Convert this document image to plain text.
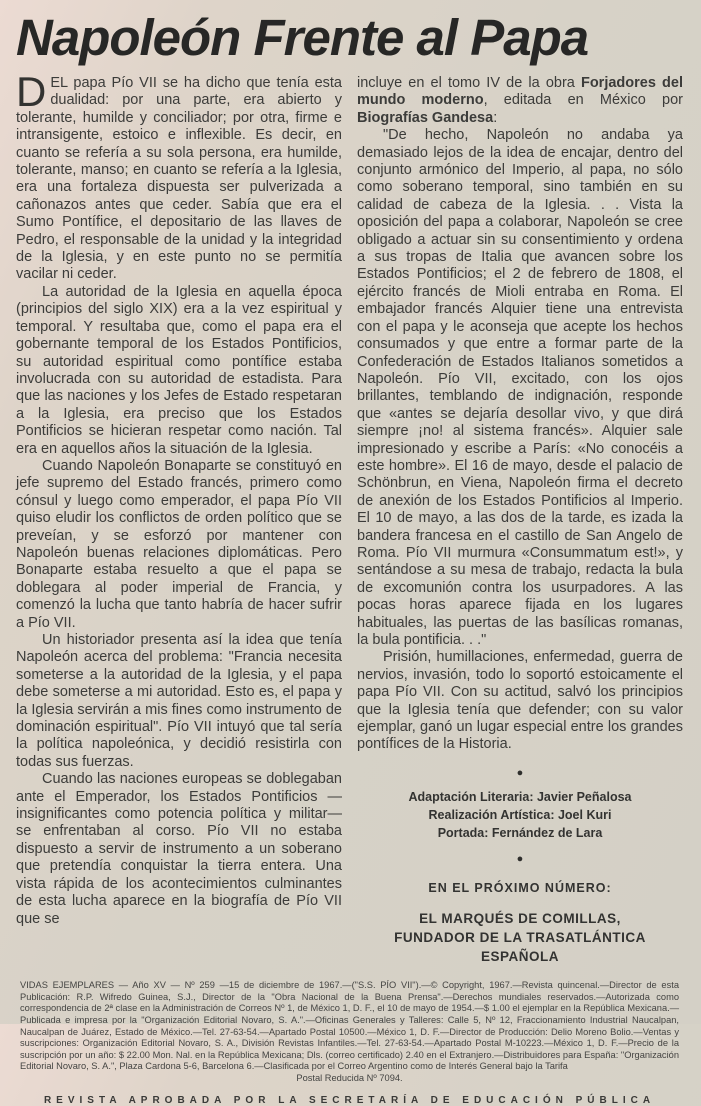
Napoleón Frente al Papa

DEL papa Pío VII se ha dicho que tenía esta dualidad: por una parte, era abierto y tolerante, humilde y conciliador; por otra, firme e intransigente, estoico e inflexible. Es decir, en cuanto se refería a su sola persona, era humilde, tolerante, manso; en cuanto se refería a la Iglesia, era una fortaleza dispuesta ser pulverizada a cañonazos antes que ceder. Sabía que era el Sumo Pontífice, el depositario de las llaves de Pedro, el responsable de la unidad y la integridad de la Iglesia, y en este punto no se permitía vacilar ni ceder.

La autoridad de la Iglesia en aquella época (principios del siglo XIX) era a la vez espiritual y temporal. Y resultaba que, como el papa era el gobernante temporal de los Estados Pontificios, su autoridad espiritual como pontífice estaba involucrada con su autoridad de estadista. Para que las naciones y los Jefes de Estado respetaran a la Iglesia, era preciso que los Estados Pontificios se hicieran respetar como nación. Tal era en aquellos años la situación de la Iglesia.

Cuando Napoleón Bonaparte se constituyó en jefe supremo del Estado francés, primero como cónsul y luego como emperador, el papa Pío VII quiso eludir los conflictos de orden político que se preveían, y se esforzó por mantener con Napoleón buenas relaciones diplomáticas. Pero Bonaparte estaba resuelto a que el papa se doblegara al poder imperial de Francia, y comenzó la lucha que tanto habría de hacer sufrir a Pío VII.

Un historiador presenta así la idea que tenía Napoleón acerca del problema: "Francia necesita someterse a la autoridad de la Iglesia, y el papa debe someterse a mi autoridad. Esto es, el papa y la Iglesia servirán a mis fines como instrumento de dominación espiritual". Pío VII intuyó que tal sería la política napoleónica, y decidió resistirla con todas sus fuerzas.

Cuando las naciones europeas se doblegaban ante el Emperador, los Estados Pontificios —insignificantes como potencia política y militar— se enfrentaban al corso. Pío VII no estaba dispuesto a servir de instrumento a un soberano que pretendía conquistar la tierra entera. Una vista rápida de los acontecimientos culminantes de esta lucha aparece en la biografía de Pío VII que se

incluye en el tomo IV de la obra Forjadores del mundo moderno, editada en México por Biografías Gandesa:

"De hecho, Napoleón no andaba ya demasiado lejos de la idea de encajar, dentro del conjunto armónico del Imperio, al papa, no sólo como soberano temporal, sino también en su calidad de cabeza de la Iglesia. . . Vista la oposición del papa a colaborar, Napoleón se cree obligado a actuar sin su consentimiento y ordena a sus tropas de Italia que avancen sobre los Estados Pontificios; el 2 de febrero de 1808, el ejército francés de Mioli entraba en Roma. El embajador francés Alquier tiene una entrevista con el papa y le aconseja que acepte los hechos consumados y que entre a formar parte de la Confederación de Estados Italianos sometidos a Napoleón. Pío VII, excitado, con los ojos brillantes, temblando de indignación, responde que «antes se dejaría desollar vivo, y que dirá siempre ¡no! al sistema francés». Alquier sale impresionado y escribe a París: «No conocéis a este hombre». El 16 de mayo, desde el palacio de Schönbrun, en Viena, Napoleón firma el decreto de anexión de los Estados Pontificios al Imperio. El 10 de mayo, a las dos de la tarde, es izada la bandera francesa en el castillo de San Angelo de Roma. Pío VII murmura «Consummatum est!», y sentándose a su mesa de trabajo, redacta la bula de excomunión contra los usurpadores. A las pocas horas aparece fijada en los lugares habituales, las puertas de las basílicas romanas, la bula pontificia. . ."

Prisión, humillaciones, enfermedad, guerra de nervios, invasión, todo lo soportó estoicamente el papa Pío VII. Con su actitud, salvó los principios que la Iglesia tenía que defender; con su valor ejemplar, ganó un lugar especial entre los grandes pontífices de la Historia.

●
Adaptación Literaria: Javier Peñalosa
Realización Artística: Joel Kuri
Portada: Fernández de Lara
●
EN EL PRÓXIMO NÚMERO:
EL MARQUÉS DE COMILLAS, FUNDADOR DE LA TRASATLÁNTICA ESPAÑOLA
VIDAS EJEMPLARES — Año XV — Nº 259 —15 de diciembre de 1967.—("S.S. PÍO VII").—© Copyright, 1967.—Revista quincenal.—Director de esta Publicación: R.P. Wifredo Guinea, S.J., Director de la "Obra Nacional de la Buena Prensa".—Derechos mundiales reservados.—Autorizada como correspondencia de 2ª clase en la Administración de Correos Nº 1, de México 1, D. F., el 10 de mayo de 1954.—$ 1.00 el ejemplar en la República Mexicana.—Publicada e impresa por la "Organización Editorial Novaro, S. A.".—Oficinas Generales y Talleres: Calle 5, Nº 12, Fraccionamiento Industrial Naucalpan, Naucalpan de Juárez, Estado de México.—Tel. 27-63-54.—Apartado Postal 10500.—México 1, D. F.—Director de Producción: Delio Moreno Bolio.—Ventas y suscripciones: Organización Editorial Novaro, S. A., División Revistas Infantiles.—Tel. 27-63-54.—Apartado Postal M-10223.—México 1, D. F.—Precio de la suscripción por un año: $ 22.00 Mon. Nal. en la República Mexicana; Dls. (correo certificado) 2.40 en el Extranjero.—Distribuidores para España: "Organización Editorial Novaro, S. A.", Plaza Cardona 5-6, Barcelona 6.—Clasificada por el Correo Argentino como de Interés General bajo la Tarifa
Postal Reducida Nº 7094.
REVISTA APROBADA POR LA SECRETARÍA DE EDUCACIÓN PÚBLICA
